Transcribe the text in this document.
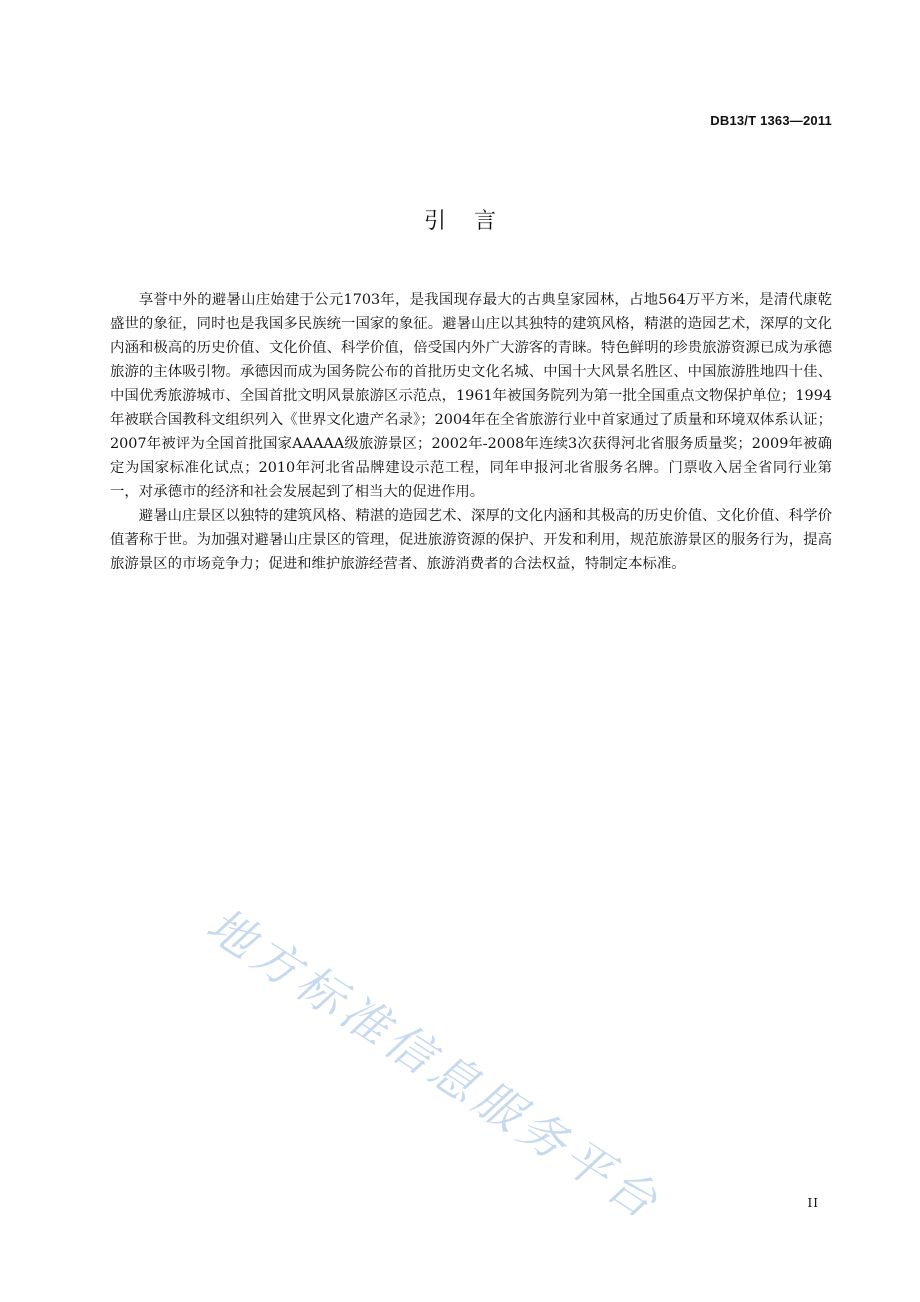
DB13/T 1363—2011
引言

享誉中外的避暑山庄始建于公元1703年，是我国现存最大的古典皇家园林，占地564万平方米，是清代康乾盛世的象征，同时也是我国多民族统一国家的象征。避暑山庄以其独特的建筑风格，精湛的造园艺术，深厚的文化内涵和极高的历史价值、文化价值、科学价值，倍受国内外广大游客的青睐。特色鲜明的珍贵旅游资源已成为承德旅游的主体吸引物。承德因而成为国务院公布的首批历史文化名城、中国十大风景名胜区、中国旅游胜地四十佳、中国优秀旅游城市、全国首批文明风景旅游区示范点，1961年被国务院列为第一批全国重点文物保护单位；1994年被联合国教科文组织列入《世界文化遗产名录》；2004年在全省旅游行业中首家通过了质量和环境双体系认证；2007年被评为全国首批国家AAAAA级旅游景区；2002年-2008年连续3次获得河北省服务质量奖；2009年被确定为国家标准化试点；2010年河北省品牌建设示范工程，同年申报河北省服务名牌。门票收入居全省同行业第一，对承德市的经济和社会发展起到了相当大的促进作用。

避暑山庄景区以独特的建筑风格、精湛的造园艺术、深厚的文化内涵和其极高的历史价值、文化价值、科学价值著称于世。为加强对避暑山庄景区的管理，促进旅游资源的保护、开发和利用，规范旅游景区的服务行为，提高旅游景区的市场竞争力；促进和维护旅游经营者、旅游消费者的合法权益，特制定本标准。

地方标准信息服务平台	II
